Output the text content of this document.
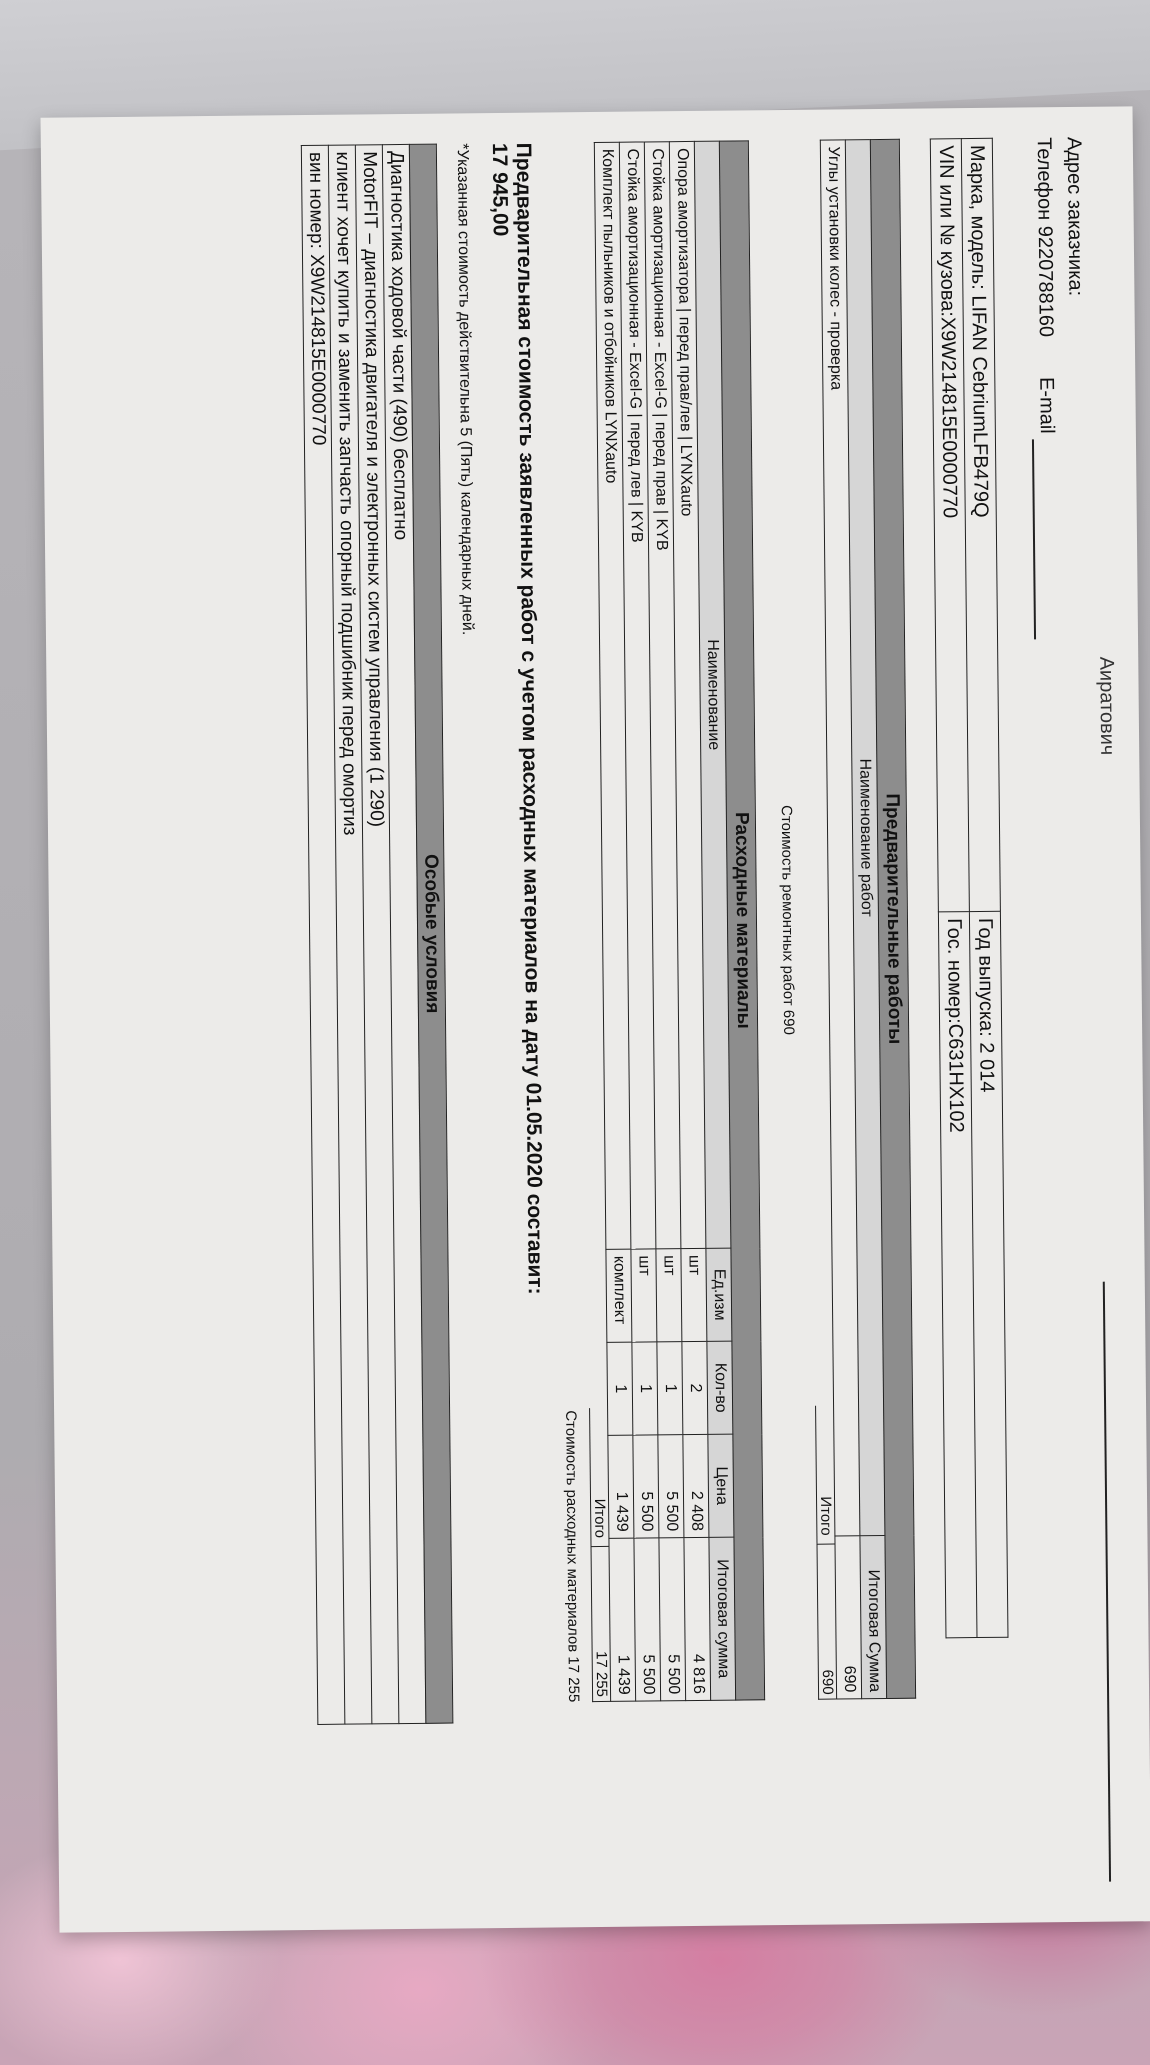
Аиратович
Адрес заказчика:
Телефон 9220788160
E-mail
Марка, модель: LIFAN CebriumLFB479Q	Год выпуска: 2 014
VIN или № кузова:X9W214815E0000770	Гос. номер:С631НХ102
Предварительные работы	
Наименование работ	Итоговая Сумма
Углы установки колес - проверка	690
Итого
690
Стоимость ремонтных работ 690
Расходные материалы				
Наименование	Ед.изм	Кол-во	Цена	Итоговая сумма
Опора амортизатора | перед прав/лев | LYNXauto	шт	2	2 408	4 816
Стойка амортизационная - Excel-G | перед прав | KYB	шт	1	5 500	5 500
Стойка амортизационная - Excel-G | перед лев | KYB	шт	1	5 500	5 500
Комплект пыльников и отбойников LYNXauto	комплект	1	1 439	1 439
Итого
17 255
Стоимость расходных материалов 17 255
Предварительная стоимость заявленных работ с учетом расходных материалов на дату 01.05.2020 составит:
17 945,00
*Указанная стоимость действительна 5 (Пять) календарных дней.
Особые условия
Диагностика ходовой части (490) бесплатно
MotorFIT – диагностика двигателя и электронных систем управления (1 290)
клиент хочет купить и заменить запчасть опорный подшибник перед омортиз
вин номер: X9W214815E0000770
